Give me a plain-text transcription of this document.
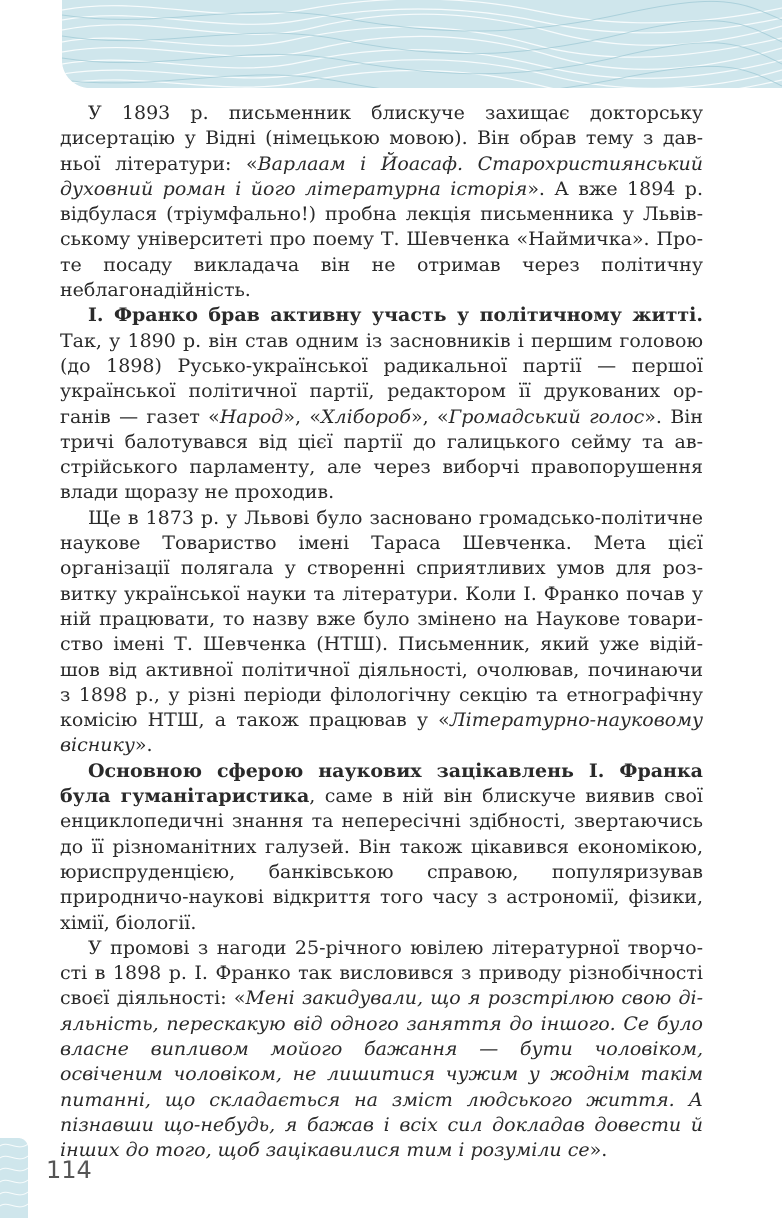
У 1893 р. письменник блискуче захищає докторську дисертацію у Відні (німецькою мовою). Він обрав тему з давньої літератури: «Варлаам і Йоасаф. Старохристиянський духовний роман і його літературна історія». А вже 1894 р. відбулася (тріумфально!) пробна лекція письменника у Львівському університеті про поему Т. Шевченка «Наймичка». Проте посаду викладача він не отримав через політичну неблагонадійність.

І. Франко брав активну участь у політичному житті. Так, у 1890 р. він став одним із засновників і першим головою (до 1898) Русько-української радикальної партії — першої української політичної партії, редактором її друкованих органів — газет «Народ», «Хлібороб», «Громадський голос». Він тричі балотувався від цієї партії до галицького сейму та австрійського парламенту, але через виборчі правопорушення влади щоразу не проходив.

Ще в 1873 р. у Львові було засновано громадсько-політичне наукове Товариство імені Тараса Шевченка. Мета цієї організації полягала у створенні сприятливих умов для розвитку української науки та літератури. Коли І. Франко почав у ній працювати, то назву вже було змінено на Наукове товариство імені Т. Шевченка (НТШ). Письменник, який уже відійшов від активної політичної діяльності, очолював, починаючи з 1898 р., у різні періоди філологічну секцію та етнографічну комісію НТШ, а також працював у «Літературно-науковому віснику».

Основною сферою наукових зацікавлень І. Франка була гуманітаристика, саме в ній він блискуче виявив свої енциклопедичні знання та непересічні здібності, звертаючись до її різноманітних галузей. Він також цікавився економікою, юриспруденцією, банківською справою, популяризував природничо-наукові відкриття того часу з астрономії, фізики, хімії, біології.

У промові з нагоди 25-річного ювілею літературної творчості в 1898 р. І. Франко так висловився з приводу різнобічності своєї діяльності: «Мені закидували, що я розстрілюю свою діяльність, перескакую від одного заняття до іншого. Се було власне випливом мойого бажання — бути чоловіком, освіченим чоловіком, не лишитися чужим у жоднім такім питанні, що складається на зміст людського життя. А пізнавши що-небудь, я бажав і всіх сил докладав довести й інших до того, щоб зацікавилися тим і розуміли се».

114
